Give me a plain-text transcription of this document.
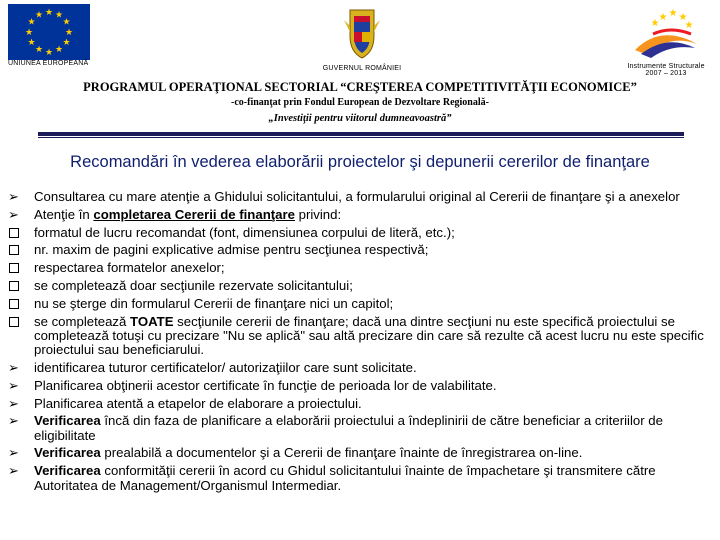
★ ★
★
★
★
★
★
★
★
★
★
★
UNIUNEA EUROPEANĂ
GUVERNUL ROMÂNIEI
★ ★
★
★
★
Instrumente Structurale
2007 – 2013
PROGRAMUL OPERAŢIONAL SECTORIAL “CREŞTEREA COMPETITIVITĂŢII ECONOMICE”
-co-finanţat prin Fondul European de Dezvoltare Regională-
„Investiţii pentru viitorul dumneavoastră”
Recomandări în vederea elaborării proiectelor şi depunerii cererilor de finanţare
➢	Consultarea cu mare atenţie a Ghidului solicitantului, a formularului original al Cererii de finanţare şi a anexelor
➢	Atenţie în completarea Cererii de finanţare privind:
formatul de lucru recomandat (font, dimensiunea corpului de literă, etc.);
nr. maxim de pagini explicative admise pentru secţiunea respectivă;
respectarea formatelor anexelor;
se completează doar secţiunile rezervate solicitantului;
nu se şterge din formularul Cererii de finanţare nici un capitol;
se completează TOATE secţiunile cererii de finanţare; dacă una dintre secţiuni nu este specifică proiectului se completează totuşi cu precizare "Nu se aplică" sau altă precizare din care să rezulte că acest lucru nu este specific proiectului sau beneficiarului.
➢	identificarea tuturor certificatelor/ autorizaţiilor care sunt solicitate.
➢	Planificarea obţinerii acestor certificate în funcţie de perioada lor de valabilitate.
➢	Planificarea atentă a etapelor de elaborare a proiectului.
➢	Verificarea încă din faza de planificare a elaborării proiectului a îndeplinirii de către beneficiar a criteriilor de eligibilitate
➢	Verificarea prealabilă a documentelor şi a Cererii de finanţare înainte de înregistrarea on-line.
➢	Verificarea conformităţii cererii în acord cu Ghidul solicitantului înainte de împachetare şi transmitere către Autoritatea de Management/Organismul Intermediar.
